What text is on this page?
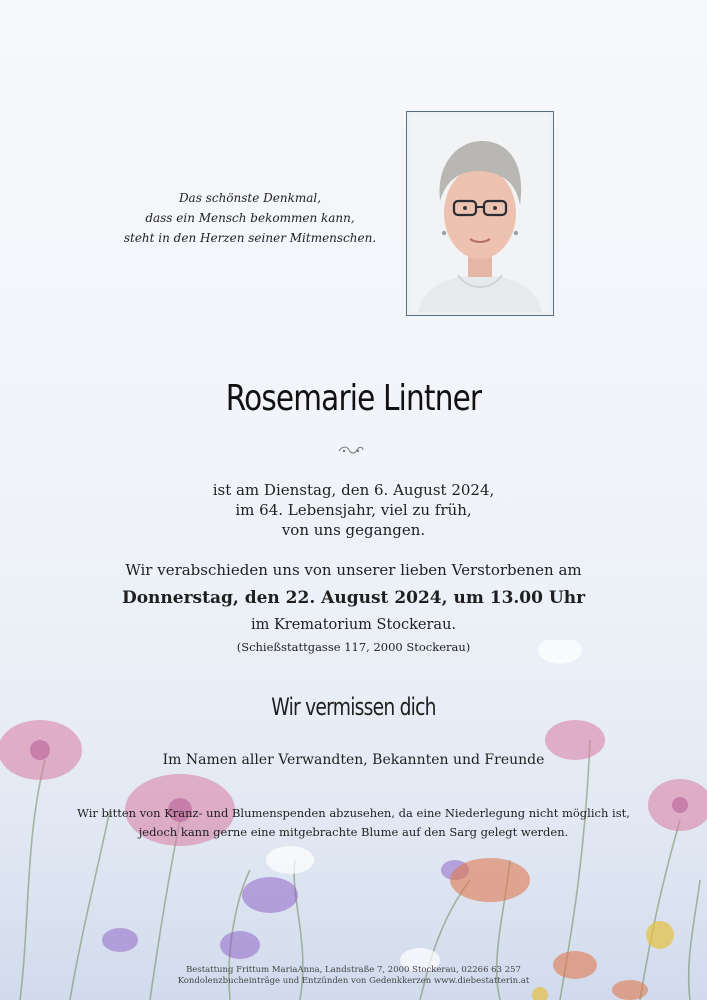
Das schönste Denkmal,
dass ein Mensch bekommen kann,
steht in den Herzen seiner Mitmenschen.
Rosemarie Lintner
ist am Dienstag, den 6. August 2024,
im 64. Lebensjahr, viel zu früh,
von uns gegangen.
Wir verabschieden uns von unserer lieben Verstorbenen am
Donnerstag, den 22. August 2024, um 13.00 Uhr
im Krematorium Stockerau.
(Schießstattgasse 117, 2000 Stockerau)
Wir vermissen dich
Im Namen aller Verwandten, Bekannten und Freunde
Wir bitten von Kranz- und Blumenspenden abzusehen, da eine Niederlegung nicht möglich ist,
jedoch kann gerne eine mitgebrachte Blume auf den Sarg gelegt werden.
Bestattung Frittum MariaAnna, Landstraße 7, 2000 Stockerau, 02266 63 257
Kondolenzbucheinträge und Entzünden von Gedenkkerzen www.diebestatterin.at
